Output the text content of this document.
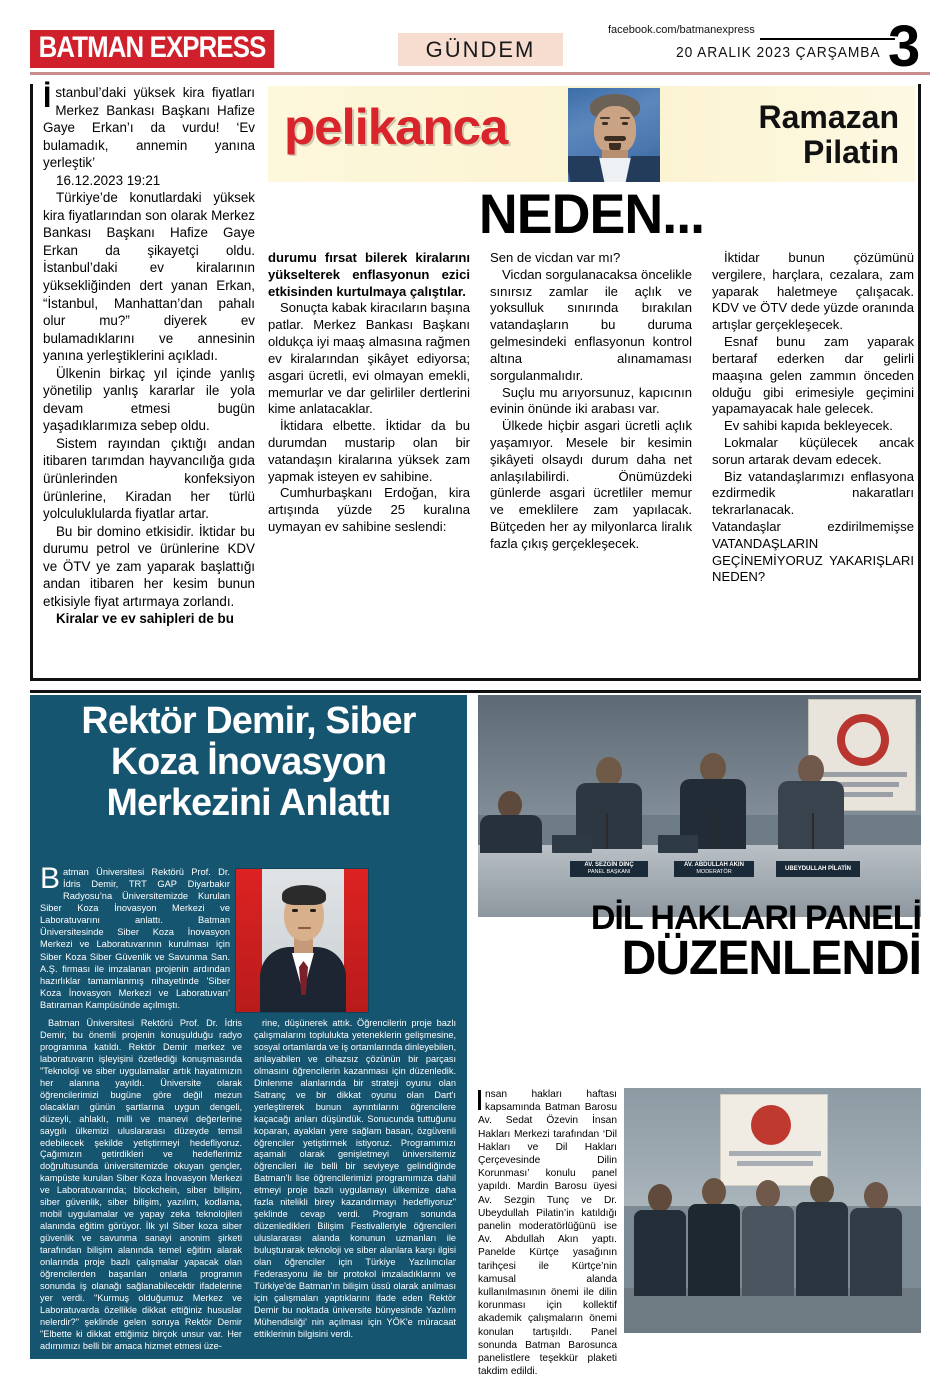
BATMAN EXPRESS	GÜNDEM
facebook.com/batmanexpress
20 ARALIK 2023 ÇARŞAMBA 3

İstanbul’daki yüksek kira fiyatları Merkez Bankası Başkanı Hafize Gaye Erkan’ı da vurdu! ‘Ev bulamadık, annemin yanına yerleştik’

16.12.2023 19:21

Türkiye’de konutlardaki yüksek kira fiyatlarından son olarak Merkez Bankası Başkanı Hafize Gaye Erkan da şikayetçi oldu. İstanbul’daki ev kiralarının yüksekliğinden dert yanan Erkan, “İstanbul, Manhattan’dan pahalı olur mu?” diyerek ev bulamadıklarını ve annesinin yanına yerleştiklerini açıkladı.

Ülkenin birkaç yıl içinde yanlış yönetilip yanlış kararlar ile yola devam etmesi bugün yaşadıklarımıza sebep oldu.

Sistem rayından çıktığı andan itibaren tarımdan hayvancılığa gıda ürünlerinden konfeksiyon ürünlerine, Kiradan her türlü yolculuklularda fiyatlar artar.

Bu bir domino etkisidir. İktidar bu durumu petrol ve ürünlerine KDV ve ÖTV ye zam yaparak başlattığı andan itibaren her kesim bunun etkisiyle fiyat artırmaya zorlandı.

Kiralar ve ev sahipleri de bu

pelikanca	Ramazan
Pilatin
NEDEN...

durumu fırsat bilerek kiralarını yükselterek enflasyonun ezici etkisinden kurtulmaya çalıştılar.

Sonuçta kabak kiracıların başına patlar. Merkez Bankası Başkanı oldukça iyi maaş almasına rağmen ev kiralarından şikâyet ediyorsa; asgari ücretli, evi olmayan emekli, memurlar ve dar gelirliler dertlerini kime anlatacaklar.

İktidara elbette. İktidar da bu durumdan mustarip olan bir vatandaşın kiralarına yüksek zam yapmak isteyen ev sahibine.

Cumhurbaşkanı Erdoğan, kira artışında yüzde 25 kuralına uymayan ev sahibine seslendi:

Sen de vicdan var mı?

Vicdan sorgulanacaksa öncelikle sınırsız zamlar ile açlık ve yoksulluk sınırında bırakılan vatandaşların bu duruma gelmesindeki enflasyonun kontrol altına alınamaması sorgulanmalıdır.

Suçlu mu arıyorsunuz, kapıcının evinin önünde iki arabası var.

Ülkede hiçbir asgari ücretli açlık yaşamıyor. Mesele bir kesimin şikâyeti olsaydı durum daha net anlaşılabilirdi. Önümüzdeki günlerde asgari ücretliler memur ve emeklilere zam yapılacak. Bütçeden her ay milyonlarca liralık fazla çıkış gerçekleşecek.

İktidar bunun çözümünü vergilere, harçlara, cezalara, zam yaparak haletmeye çalışacak. KDV ve ÖTV dede yüzde oranında artışlar gerçekleşecek.

Esnaf bunu zam yaparak bertaraf ederken dar gelirli maaşına gelen zammın önceden olduğu gibi erimesiyle geçimini yapamayacak hale gelecek.

Ev sahibi kapıda bekleyecek.

Lokmalar küçülecek ancak sorun artarak devam edecek.

Biz vatandaşlarımızı enflasyona ezdirmedik nakaratları tekrarlanacak.

Vatandaşlar ezdirilmemişse VATANDAŞLARIN GEÇİNEMİYORUZ YAKARIŞLARI NEDEN?

Rektör Demir, Siber
Koza İnovasyon
Merkezini Anlattı
Batman Üniversitesi Rektörü Prof. Dr. İdris Demir, TRT GAP Diyarbakır Radyosu’na Üniversitemizde Kurulan Siber Koza İnovasyon Merkezi ve Laboratuvarını anlattı. Batman Üniversitesinde Siber Koza İnovasyon Merkezi ve Laboratuvarının kurulması için Siber Koza Siber Güvenlik ve Savunma San. A.Ş. firması ile imzalanan projenin ardından hazırlıklar tamamlanmış nihayetinde 'Siber Koza İnovasyon Merkezi ve Laboratuvarı' Batıraman Kampüsünde açılmıştı.

Batman Üniversitesi Rektörü Prof. Dr. İdris Demir, bu önemli projenin konuşulduğu radyo programına katıldı. Rektör Demir merkez ve laboratuvarın işleyişini özetlediği konuşmasında "Teknoloji ve siber uygulamalar artık hayatımızın her alanına yayıldı. Üniversite olarak öğrencilerimizi bugüne göre değil mezun olacakları günün şartlarına uygun dengeli, düzeyli, ahlaklı, milli ve manevi değerlerine saygılı ülkemizi uluslararası düzeyde temsil edebilecek şekilde yetiştirmeyi hedefliyoruz. Çağımızın getirdikleri ve hedeflerimiz doğrultusunda üniversitemizde okuyan gençler, kampüste kurulan Siber Koza İnovasyon Merkezi ve Laboratuvarında; blockchein, siber bilişim, siber güvenlik, siber bilişim, yazılım, kodlama, mobil uygulamalar ve yapay zeka teknolojileri alanında eğitim görüyor. İlk yıl Siber koza siber güvenlik ve savunma sanayi anonim şirketi tarafından bilişim alanında temel eğitim alarak onlarında proje bazlı çalışmalar yapacak olan öğrencilerden başarıları onlarla programın sonunda iş olanağı sağlanabilecektir ifadelerine yer verdi. "Kurmuş olduğumuz Merkez ve Laboratuvarda özellikle dikkat ettiğiniz hususlar nelerdir?" şeklinde gelen soruya Rektör Demir "Elbette ki dikkat ettiğimiz birçok unsur var. Her adımımızı belli bir amaca hizmet etmesi üze-

rine, düşünerek attık. Öğrencilerin proje bazlı çalışmalarını toplulukta yeteneklerin gelişmesine, sosyal ortamlarda ve iş ortamlarında dinleyebilen, anlayabilen ve cihazsız çözünün bir parçası olmasını öğrencilerin kazanması için düzenledik. Dinlenme alanlarında bir strateji oyunu olan Satranç ve bir dikkat oyunu olan Dart'ı yerleştirerek bunun ayrıntılarını öğrencilere kaçacağı anları düşündük. Sonucunda tuttuğunu koparan, ayakları yere sağlam basan, özgüvenli öğrenciler yetiştirmek istiyoruz. Programımızı aşamalı olarak genişletmeyi üniversitemiz öğrencileri ile belli bir seviyeye gelindiğinde Batman'lı lise öğrencilerimizi programımıza dahil etmeyi proje bazlı uygulamayı ülkemize daha fazla nitelikli birey kazandırmayı hedefliyoruz" şeklinde cevap verdi. Program sonunda düzenledikleri Bilişim Festivalleriyle öğrencileri uluslararası alanda konunun uzmanları ile buluşturarak teknoloji ve siber alanlara karşı ilgisi olan öğrenciler için Türkiye Yazılımcılar Federasyonu ile bir protokol imzaladıklarını ve Türkiye'de Batman'ın bilişim üssü olarak anılması için çalışmaları yaptıklarını ifade eden Rektör Demir bu noktada üniversite bünyesinde Yazılım Mühendisliği' nin açılması için YÖK'e müracaat ettiklerinin bilgisini verdi.

AV. SEZGİN DİNÇ
PANEL BAŞKANI
AV. ABDULLAH AKIN
MODERATÖR
UBEYDULLAH PİLATİN
DİL HAKLARI PANELİ
DÜZENLENDİ

nsan hakları haftası kapsamında Batman Barosu Av. Sedat Özevin İnsan Hakları Merkezi tarafından ‘Dil Hakları ve Dil Hakları Çerçevesinde Dilin Korunması’ konulu panel yapıldı. Mardin Barosu üyesi Av. Sezgin Tunç ve Dr. Ubeydullah Pilatin’in katıldığı panelin moderatörlüğünü ise Av. Abdullah Akın yaptı. Panelde Kürtçe yasağının tarihçesi ile Kürtçe’nin kamusal alanda kullanılmasının önemi ile dilin korunması için kollektif akademik çalışmaların önemi konulan tartışıldı. Panel sonunda Batman Barosunca panelistlere teşekkür plaketi takdim edildi.
